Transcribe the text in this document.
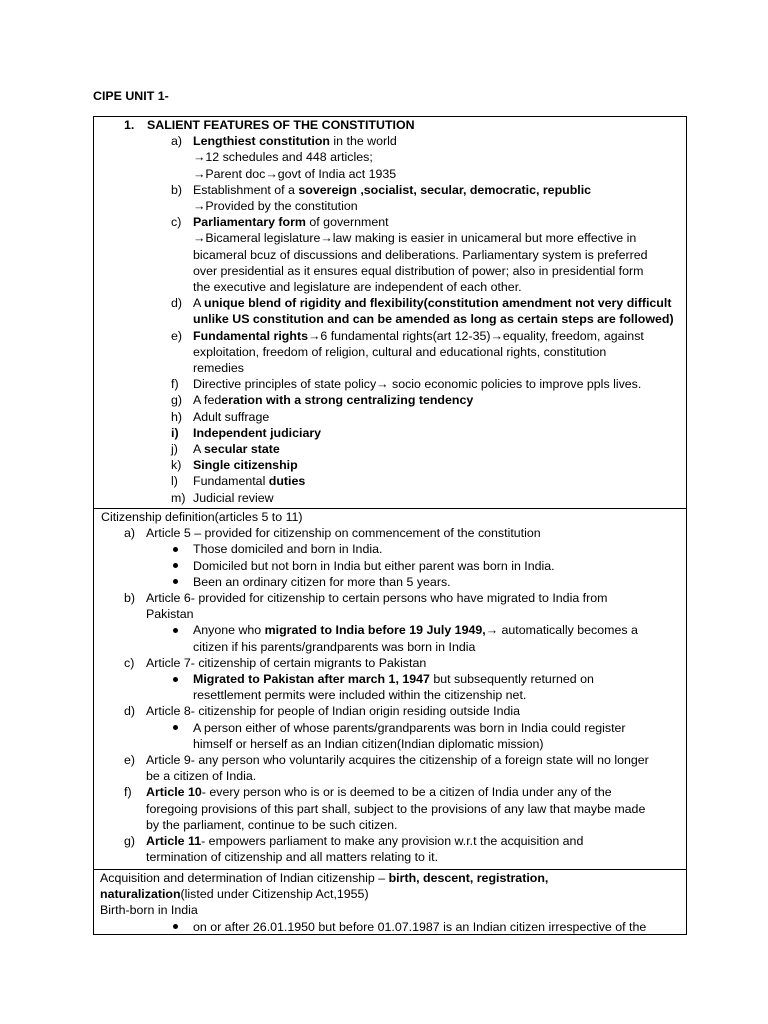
CIPE UNIT 1-
1. SALIENT FEATURES OF THE CONSTITUTION
a) Lengthiest constitution in the world
→12 schedules and 448 articles;
→Parent doc→govt of India act 1935
b) Establishment of a sovereign ,socialist, secular, democratic, republic
→Provided by the constitution
c) Parliamentary form of government
→Bicameral legislature→law making is easier in unicameral but more effective in
bicameral bcuz of discussions and deliberations. Parliamentary system is preferred
over presidential as it ensures equal distribution of power; also in presidential form
the executive and legislature are independent of each other.
d) A unique blend of rigidity and flexibility(constitution amendment not very difficult
unlike US constitution and can be amended as long as certain steps are followed)
e) Fundamental rights→6 fundamental rights(art 12-35)→equality, freedom, against
exploitation, freedom of religion, cultural and educational rights, constitution
remedies
f) Directive principles of state policy→ socio economic policies to improve ppls lives.
g) A federation with a strong centralizing tendency
h) Adult suffrage
i) Independent judiciary
j) A secular state
k) Single citizenship
l) Fundamental duties
m) Judicial review
Citizenship definition(articles 5 to 11)
a) Article 5 – provided for citizenship on commencement of the constitution
Those domiciled and born in India.
Domiciled but not born in India but either parent was born in India.
Been an ordinary citizen for more than 5 years.
b) Article 6- provided for citizenship to certain persons who have migrated to India from
Pakistan
Anyone who migrated to India before 19 July 1949,→ automatically becomes a
citizen if his parents/grandparents was born in India
c) Article 7- citizenship of certain migrants to Pakistan
Migrated to Pakistan after march 1, 1947 but subsequently returned on
resettlement permits were included within the citizenship net.
d) Article 8- citizenship for people of Indian origin residing outside India
A person either of whose parents/grandparents was born in India could register
himself or herself as an Indian citizen(Indian diplomatic mission)
e) Article 9- any person who voluntarily acquires the citizenship of a foreign state will no longer
be a citizen of India.
f) Article 10- every person who is or is deemed to be a citizen of India under any of the
foregoing provisions of this part shall, subject to the provisions of any law that maybe made
by the parliament, continue to be such citizen.
g) Article 11- empowers parliament to make any provision w.r.t the acquisition and
termination of citizenship and all matters relating to it.
Acquisition and determination of Indian citizenship – birth, descent, registration,
naturalization(listed under Citizenship Act,1955)
Birth-born in India
on or after 26.01.1950 but before 01.07.1987 is an Indian citizen irrespective of the
